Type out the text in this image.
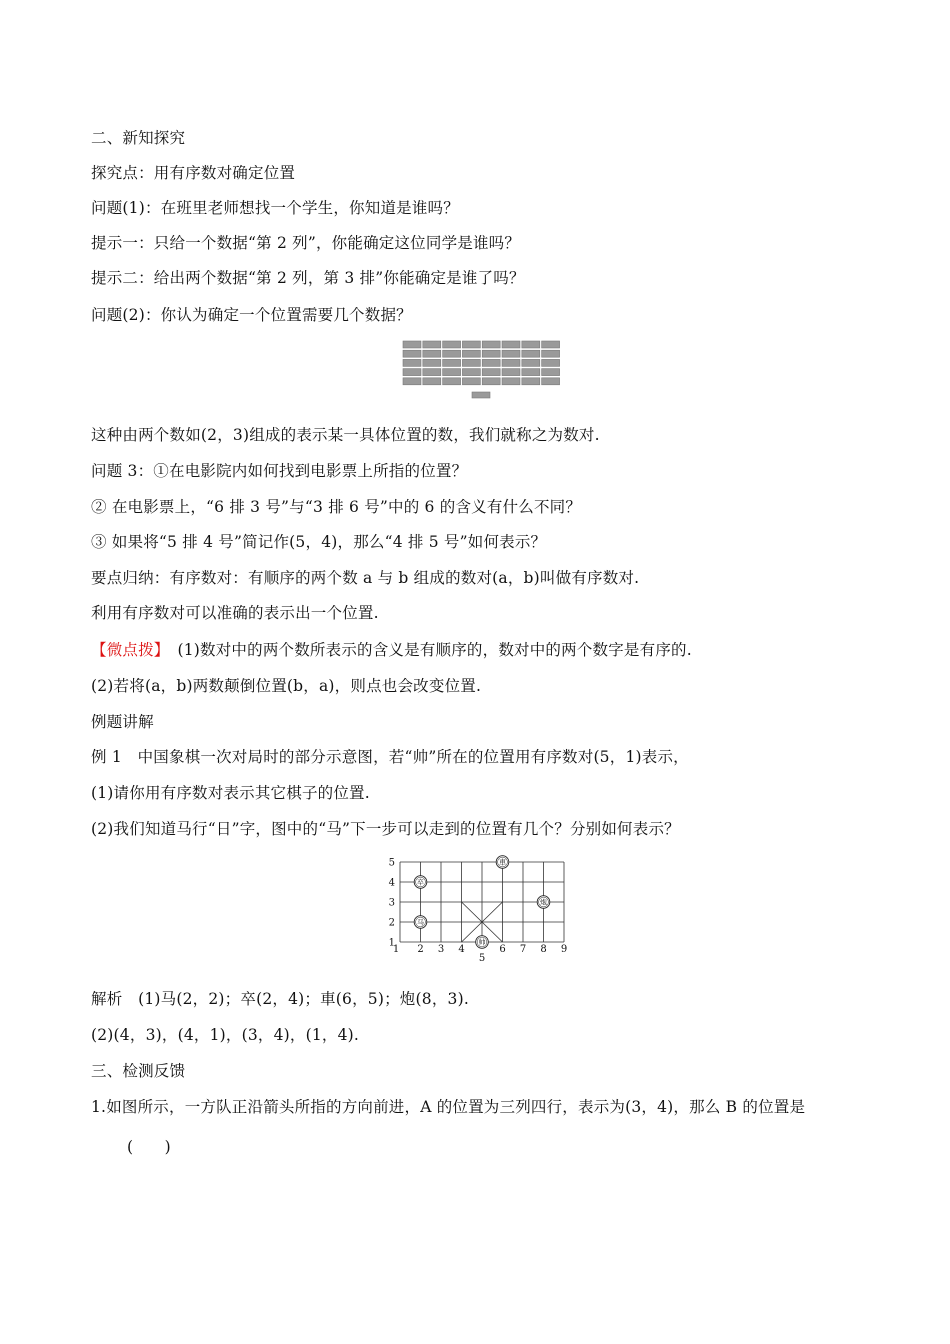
二、新知探究
探究点：用有序数对确定位置
问题(1)：在班里老师想找一个学生，你知道是谁吗？
提示一：只给一个数据“第 2 列”，你能确定这位同学是谁吗？
提示二：给出两个数据“第 2 列，第 3 排”你能确定是谁了吗？
问题(2)：你认为确定一个位置需要几个数据？
这种由两个数如(2，3)组成的表示某一具体位置的数，我们就称之为数对.
问题 3：①在电影院内如何找到电影票上所指的位置？
② 在电影票上，“6 排 3 号”与“3 排 6 号”中的 6 的含义有什么不同？
③ 如果将“5 排 4 号”简记作(5，4)，那么“4 排 5 号”如何表示？
要点归纳：有序数对：有顺序的两个数 a 与 b 组成的数对(a，b)叫做有序数对.
利用有序数对可以准确的表示出一个位置.
【微点拨】　 (1)数对中的两个数所表示的含义是有顺序的，数对中的两个数字是有序的.
(2)若将(a，b)两数颠倒位置(b，a)，则点也会改变位置.
例题讲解
例 1　中国象棋一次对局时的部分示意图，若“帅”所在的位置用有序数对(5，1)表示，
(1)请你用有序数对表示其它棋子的位置.
(2)我们知道马行“日”字，图中的“马”下一步可以走到的位置有几个？分别如何表示？
1 2 3 4
5
6 7 8 9
1
2
3
4
5
帅
马
卒
車
炮
解析　(1)马(2，2)；卒(2，4)；車(6，5)；炮(8，3).
(2)(4，3)，(4，1)，(3，4)，(1，4).
三、检测反馈
1.如图所示，一方队正沿箭头所指的方向前进，A 的位置为三列四行，表示为(3，4)，那么 B 的位置是
(　　)
